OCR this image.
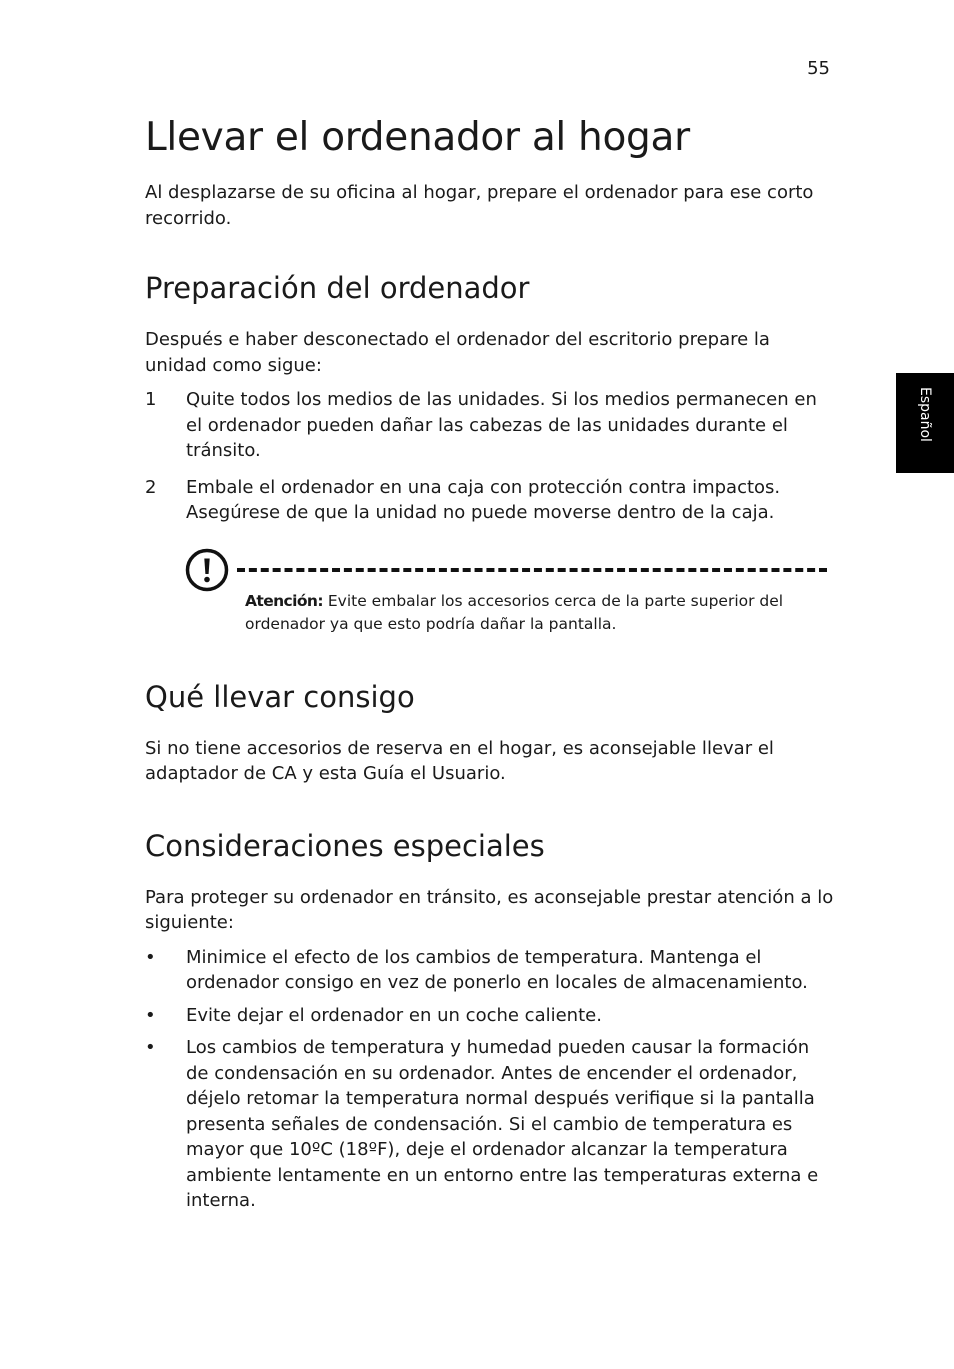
55
Español
Llevar el ordenador al hogar

Al desplazarse de su oficina al hogar, prepare el ordenador para ese corto recorrido.

Preparación del ordenador

Después e haber desconectado el ordenador del escritorio prepare la unidad como sigue:

1	Quite todos los medios de las unidades. Si los medios permanecen en el ordenador pueden dañar las cabezas de las unidades durante el tránsito.
2	Embale el ordenador en una caja con protección contra impactos. Asegúrese de que la unidad no puede moverse dentro de la caja.
Atención: Evite embalar los accesorios cerca de la parte superior del ordenador ya que esto podría dañar la pantalla.
Qué llevar consigo

Si no tiene accesorios de reserva en el hogar, es aconsejable llevar el adaptador de CA y esta Guía el Usuario.

Consideraciones especiales

Para proteger su ordenador en tránsito, es aconsejable prestar atención a lo siguiente:

•	Minimice el efecto de los cambios de temperatura. Mantenga el ordenador consigo en vez de ponerlo en locales de almacenamiento.
•	Evite dejar el ordenador en un coche caliente.
•	Los cambios de temperatura y humedad pueden causar la formación de condensación en su ordenador. Antes de encender el ordenador, déjelo retomar la temperatura normal después verifique si la pantalla presenta señales de condensación. Si el cambio de temperatura es mayor que 10ºC (18ºF), deje el ordenador alcanzar la temperatura ambiente lentamente en un entorno entre las temperaturas externa e interna.
